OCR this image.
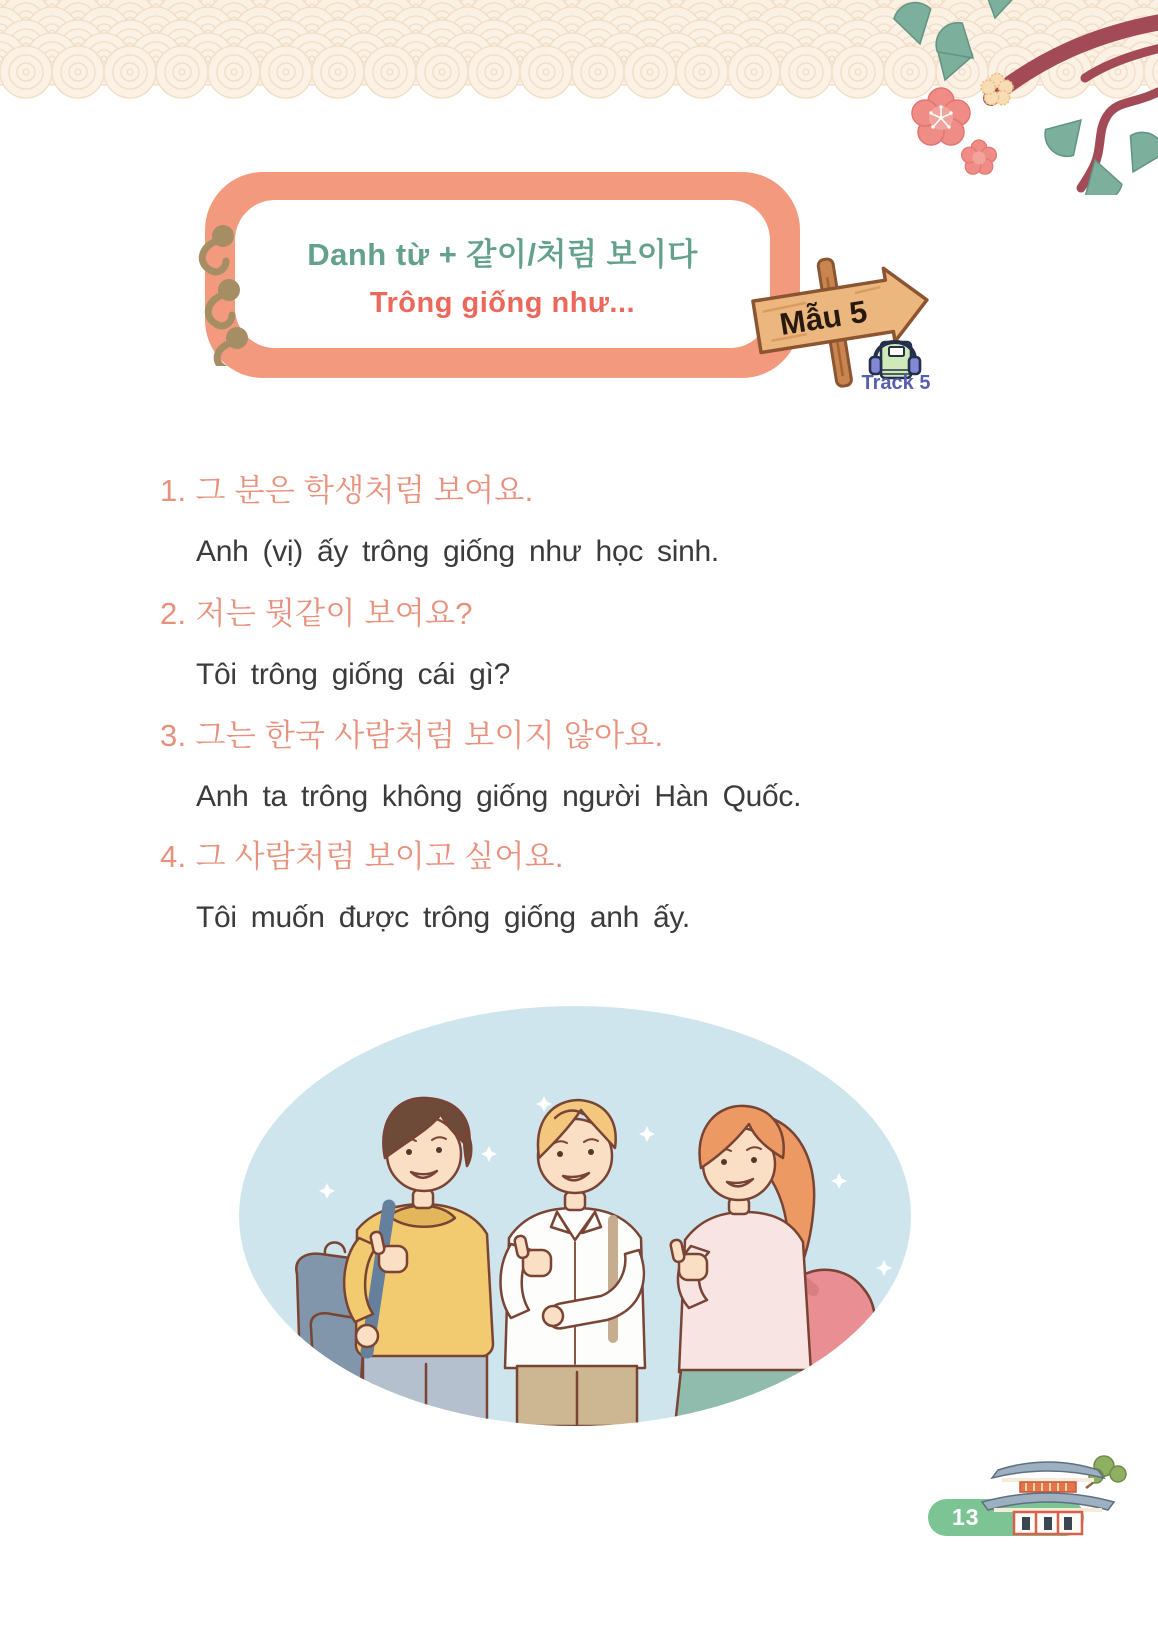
Danh từ + 같이/처럼 보이다
Trông giống như...	Mẫu 5
Track 5
1. 그 분은 학생처럼 보여요.
Anh (vị) ấy trông giống như học sinh.
2. 저는 뭣같이 보여요?
Tôi trông giống cái gì?
3. 그는 한국 사람처럼 보이지 않아요.
Anh ta trông không giống người Hàn Quốc.
4. 그 사람처럼 보이고 싶어요.
Tôi muốn được trông giống anh ấy.
13
